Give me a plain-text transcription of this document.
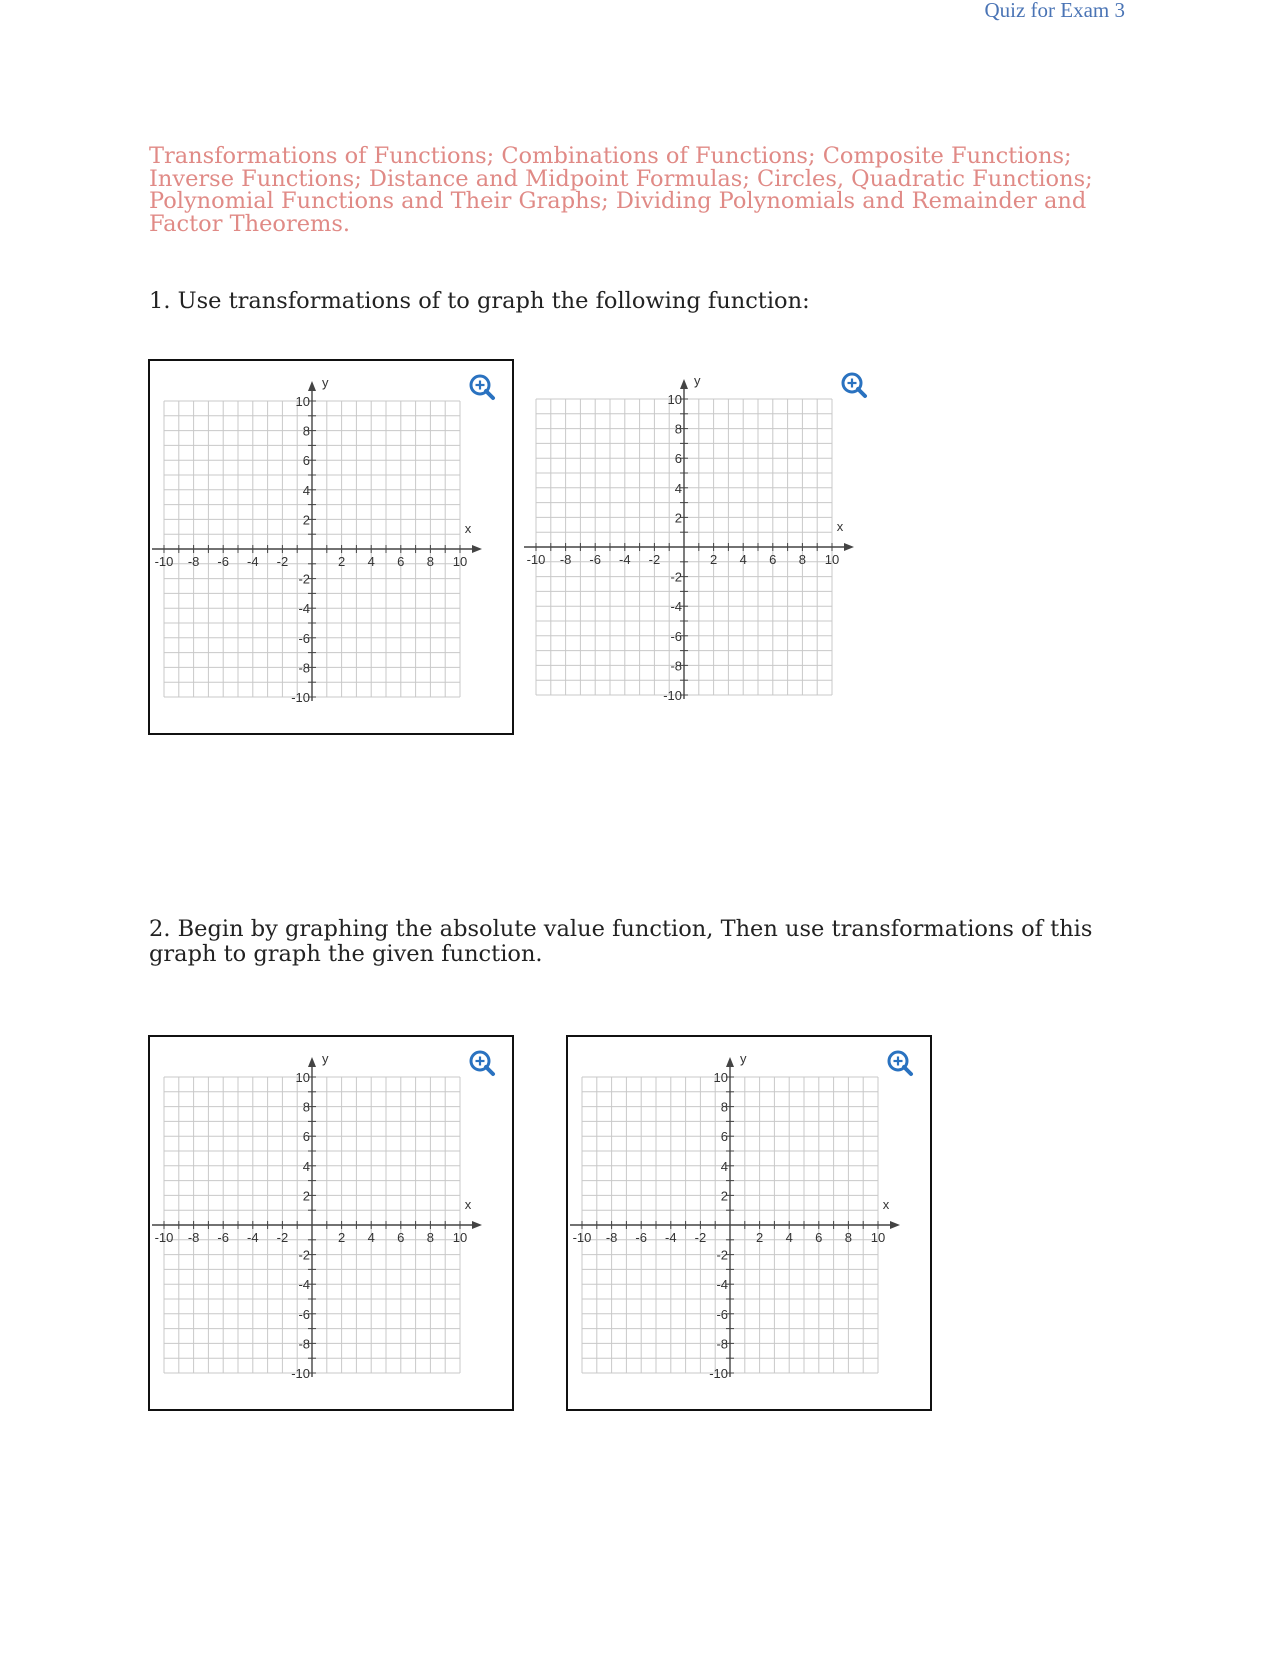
Quiz for Exam 3
Transformations of Functions; Combinations of Functions; Composite Functions; Inverse Functions; Distance and Midpoint Formulas; Circles, Quadratic Functions; Polynomial Functions and Their Graphs; Dividing Polynomials and Remainder and Factor Theorems.
1. Use transformations of to graph the following function:
x
y
-10 -8 -6 -4 -2	2 4 6 8 10
10
8
6
4
2
-2
-4
-6
-8
-10
x
y
-10 -8 -6 -4 -2	2 4 6 8 10
10
8
6
4
2
-2
-4
-6
-8
-10
2. Begin by graphing the absolute value function, Then use transformations of this graph to graph the given function.
x
y
-10 -8 -6 -4 -2	2 4 6 8 10
10
8
6
4
2
-2
-4
-6
-8
-10
x
y
-10 -8 -6 -4 -2	2 4 6 8 10
10
8
6
4
2
-2
-4
-6
-8
-10
